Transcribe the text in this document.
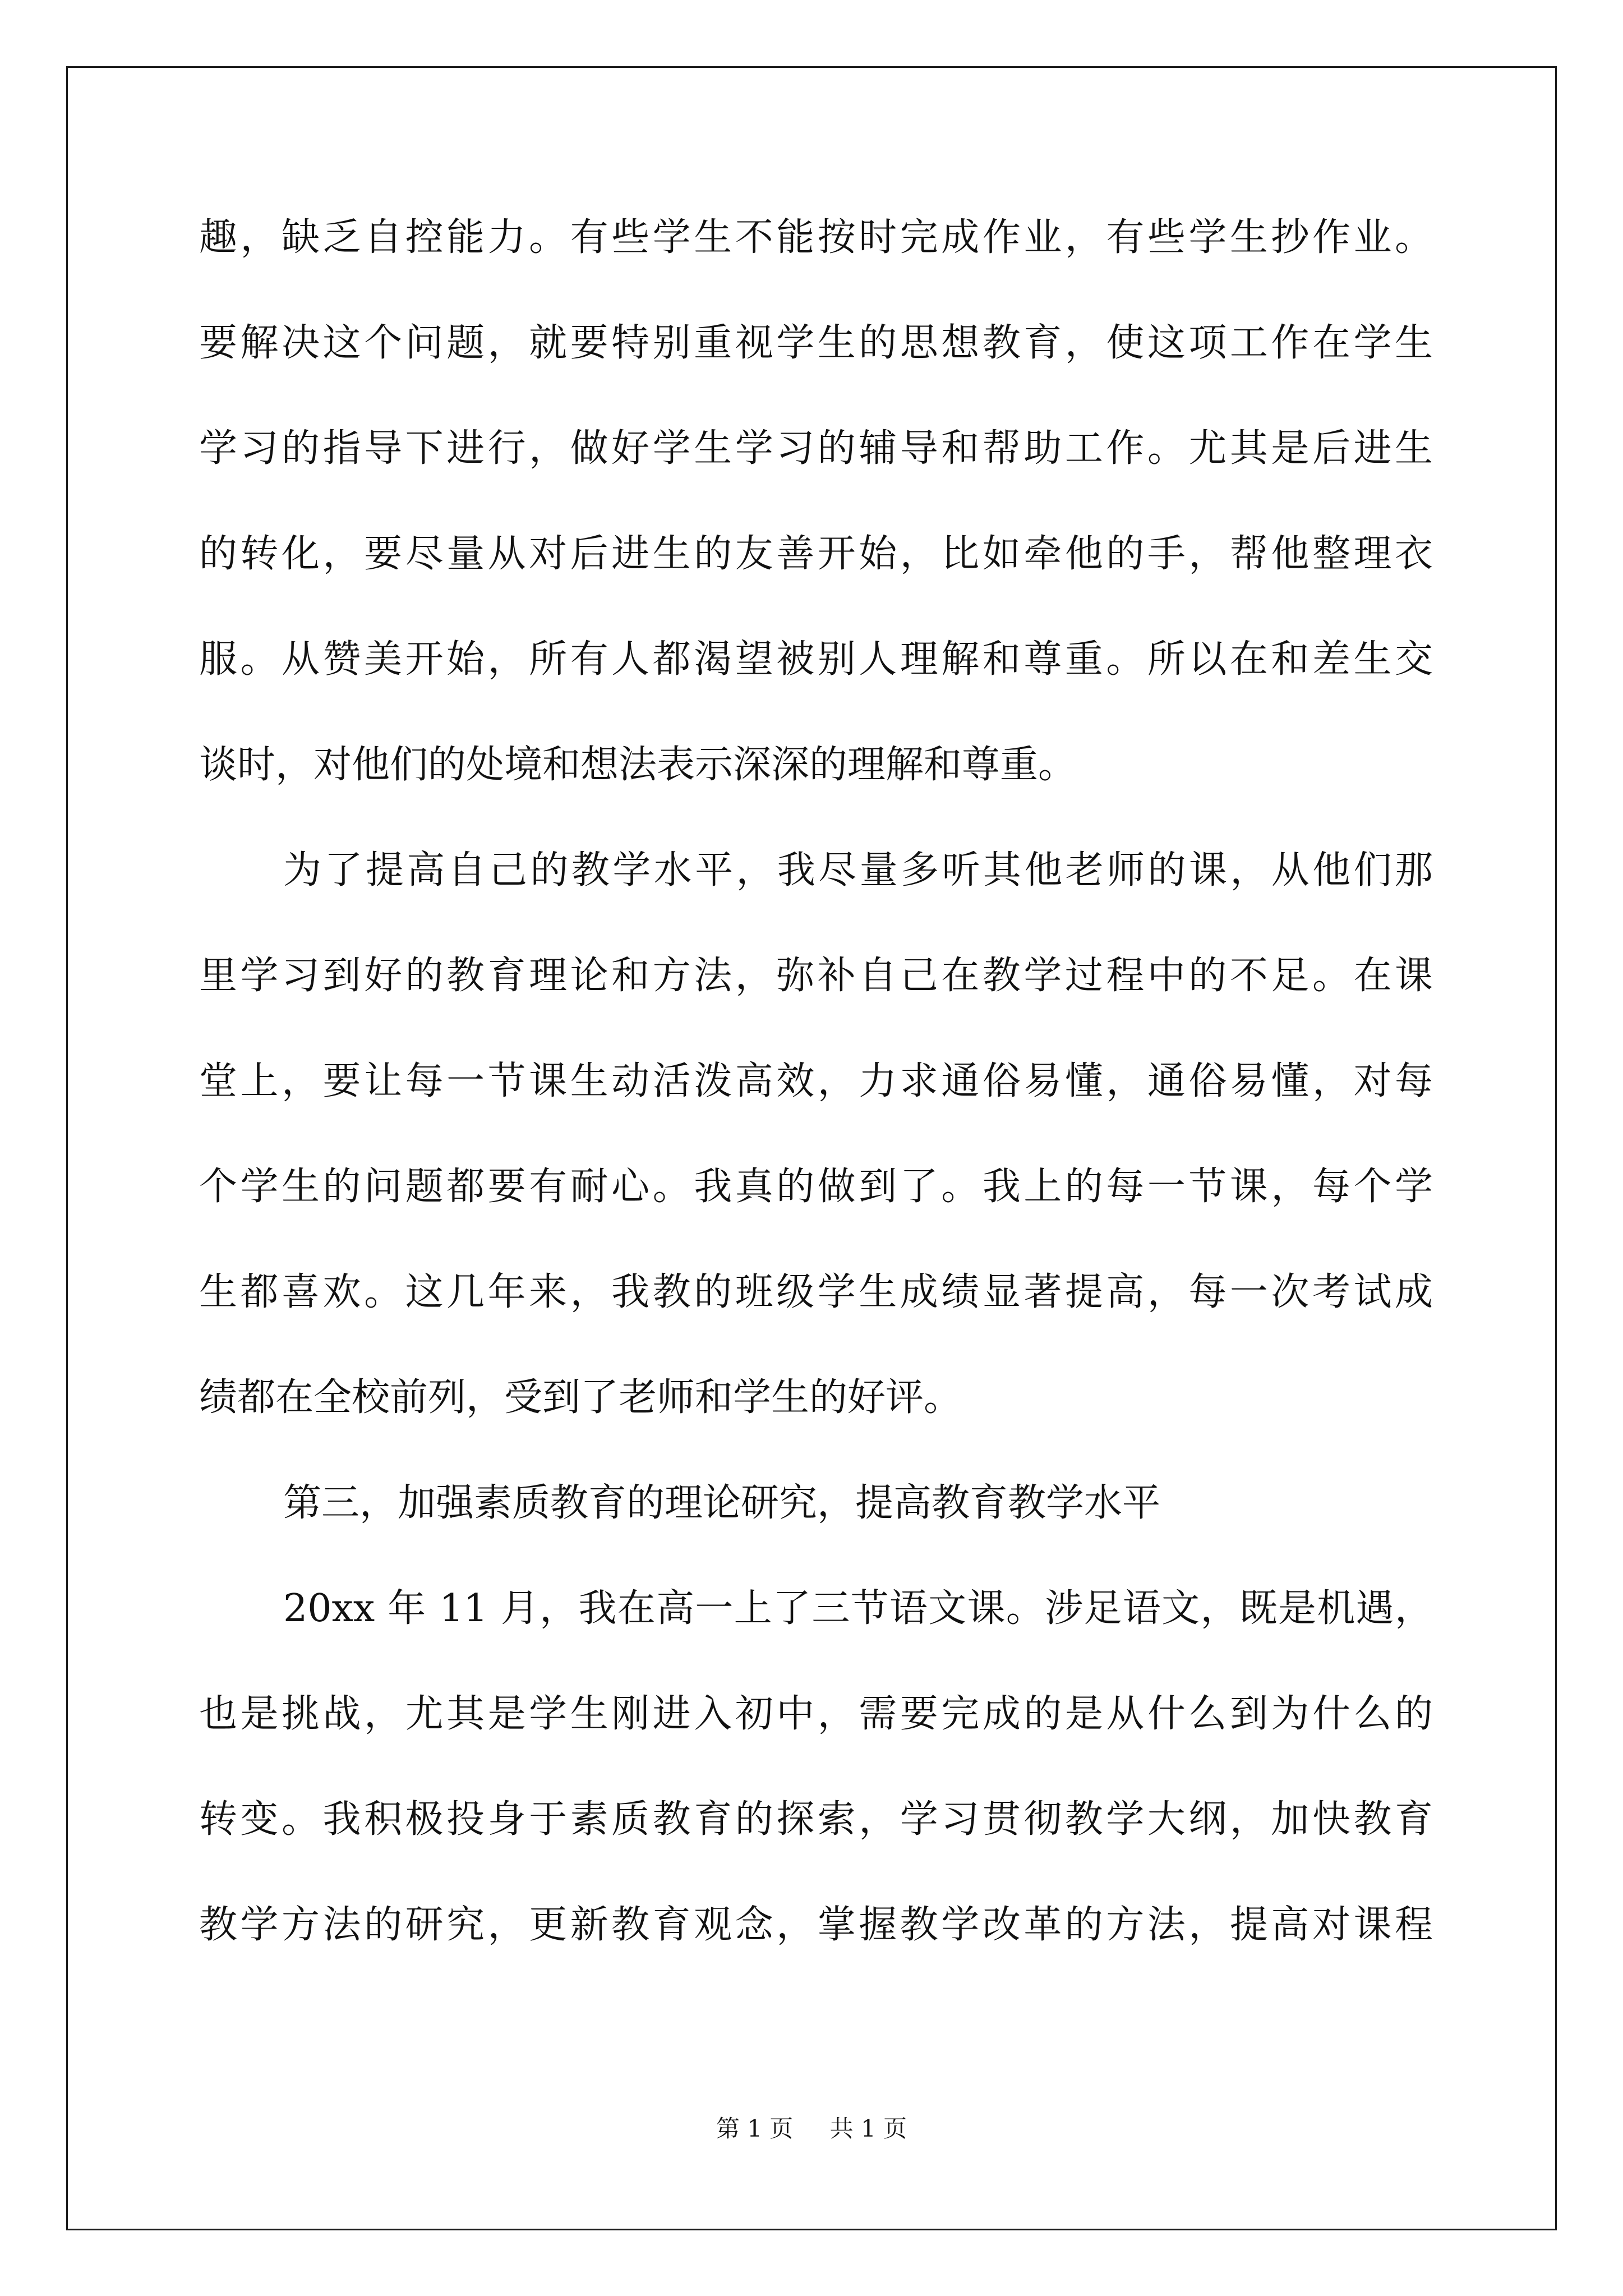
趣，缺乏自控能力。有些学生不能按时完成作业，有些学生抄作业。
要解决这个问题，就要特别重视学生的思想教育，使这项工作在学生
学习的指导下进行，做好学生学习的辅导和帮助工作。尤其是后进生
的转化，要尽量从对后进生的友善开始，比如牵他的手，帮他整理衣
服。从赞美开始，所有人都渴望被别人理解和尊重。所以在和差生交
谈时，对他们的处境和想法表示深深的理解和尊重。
为了提高自己的教学水平，我尽量多听其他老师的课，从他们那
里学习到好的教育理论和方法，弥补自己在教学过程中的不足。在课
堂上，要让每一节课生动活泼高效，力求通俗易懂，通俗易懂，对每
个学生的问题都要有耐心。我真的做到了。我上的每一节课，每个学
生都喜欢。这几年来，我教的班级学生成绩显著提高，每一次考试成
绩都在全校前列，受到了老师和学生的好评。
第三，加强素质教育的理论研究，提高教育教学水平
20xx 年 11 月，我在高一上了三节语文课。涉足语文，既是机遇，
也是挑战，尤其是学生刚进入初中，需要完成的是从什么到为什么的
转变。我积极投身于素质教育的探索，学习贯彻教学大纲，加快教育
教学方法的研究，更新教育观念，掌握教学改革的方法，提高对课程
第 1 页 共 1 页
